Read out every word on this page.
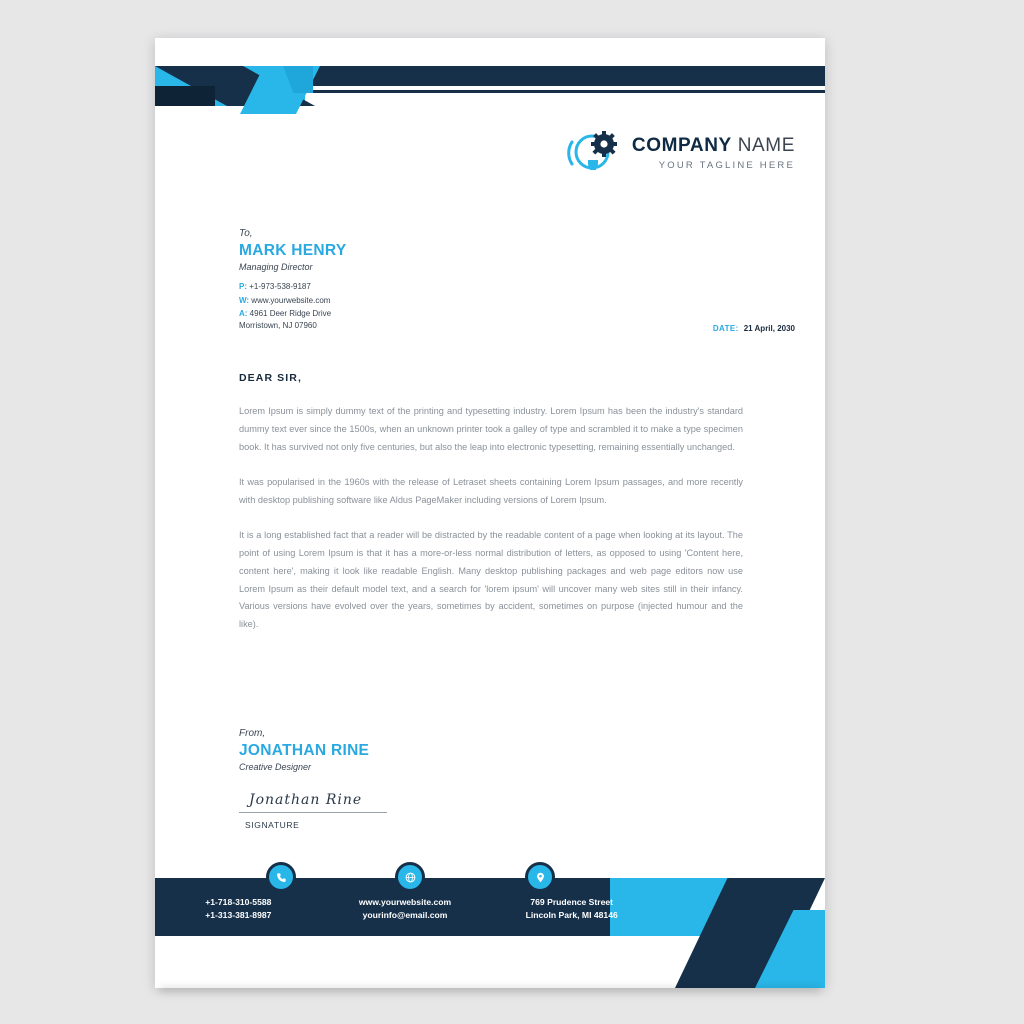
COMPANY NAME
YOUR TAGLINE HERE
To,
MARK HENRY
Managing Director
P: +1-973-538-9187
W: www.yourwebsite.com
A: 4961 Deer Ridge Drive
Morristown, NJ 07960	DATE: 21 April, 2030
DEAR SIR,

Lorem Ipsum is simply dummy text of the printing and typesetting industry. Lorem Ipsum has been the industry's standard dummy text ever since the 1500s, when an unknown printer took a galley of type and scrambled it to make a type specimen book. It has survived not only five centuries, but also the leap into electronic typesetting, remaining essentially unchanged.

It was popularised in the 1960s with the release of Letraset sheets containing Lorem Ipsum passages, and more recently with desktop publishing software like Aldus PageMaker including versions of Lorem Ipsum.

It is a long established fact that a reader will be distracted by the readable content of a page when looking at its layout. The point of using Lorem Ipsum is that it has a more-or-less normal distribution of letters, as opposed to using 'Content here, content here', making it look like readable English. Many desktop publishing packages and web page editors now use Lorem Ipsum as their default model text, and a search for 'lorem ipsum' will uncover many web sites still in their infancy. Various versions have evolved over the years, sometimes by accident, sometimes on purpose (injected humour and the like).

From,
JONATHAN RINE
Creative Designer
Jonathan Rine
SIGNATURE
+1-718-310-5588
+1-313-381-8987
www.yourwebsite.com
yourinfo@email.com
769 Prudence Street
Lincoln Park, MI 48146
